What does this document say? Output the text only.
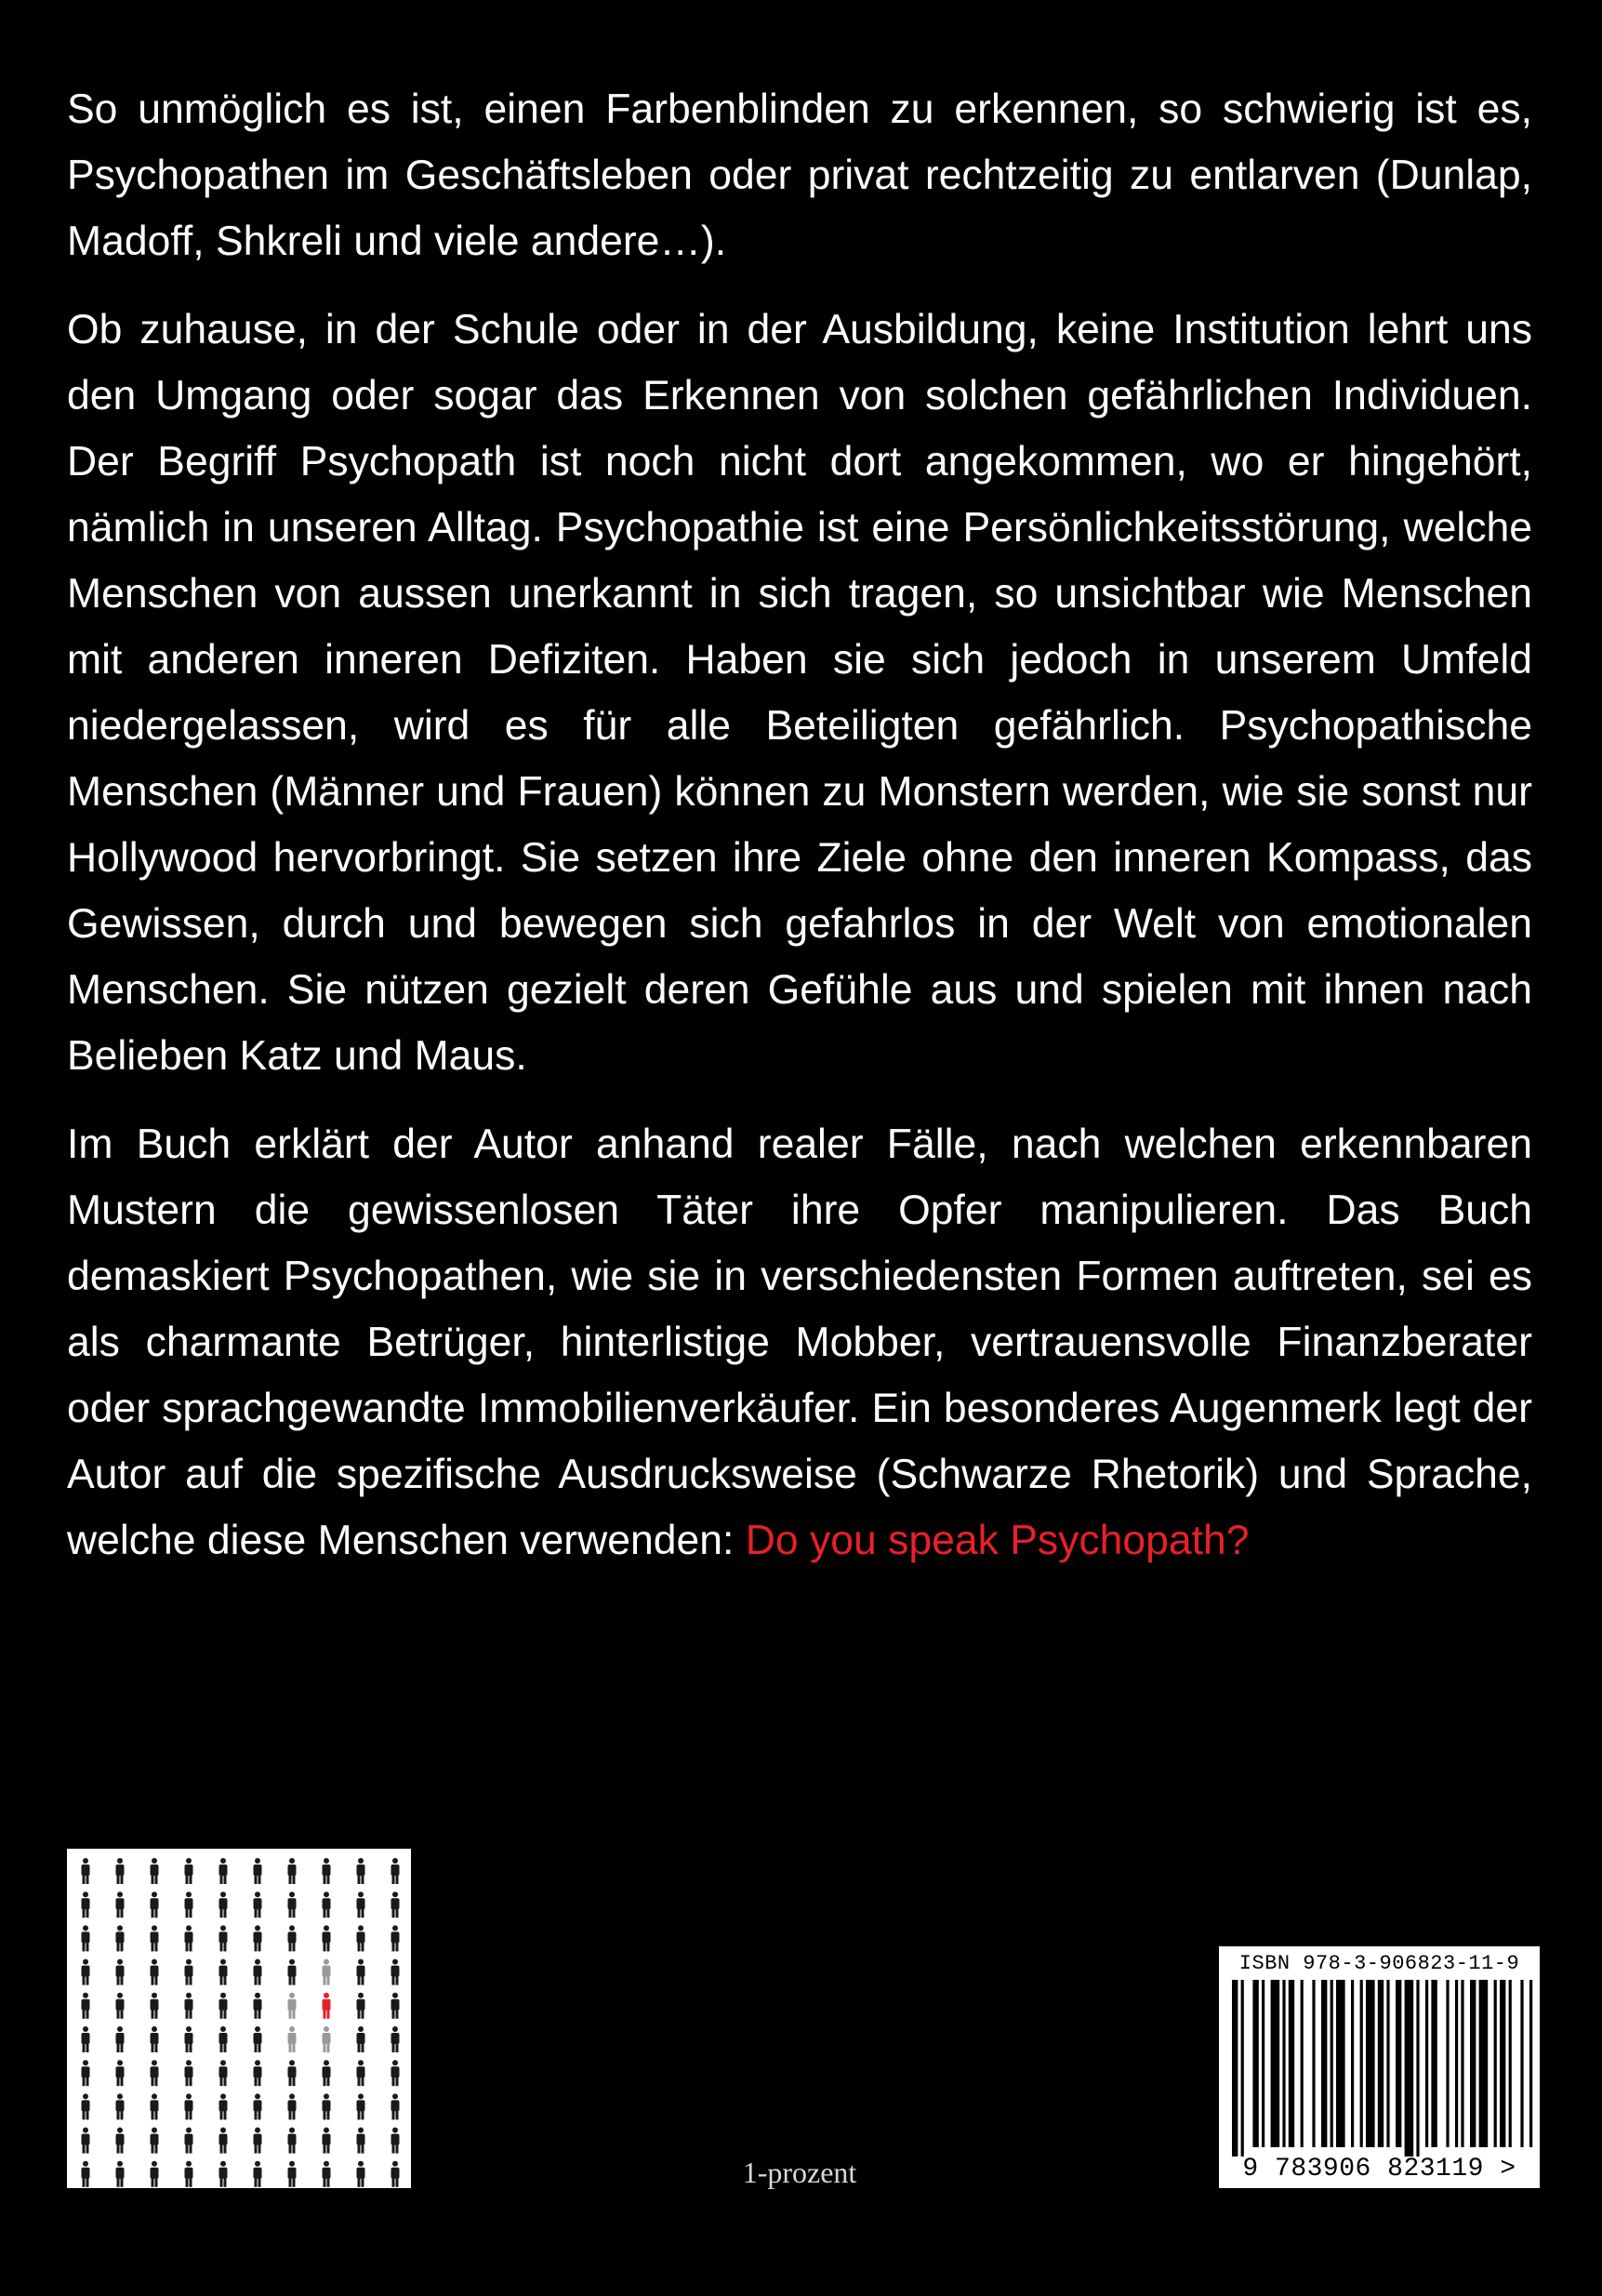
So unmöglich es ist, einen Farbenblinden zu erkennen, so schwierig ist es, Psychopathen im Geschäftsleben oder privat rechtzeitig zu entlarven (Dunlap, Madoff, Shkreli und viele andere…).

Ob zuhause, in der Schule oder in der Ausbildung, keine Institution lehrt uns den Umgang oder sogar das Erkennen von solchen gefährlichen Individuen. Der Begriff Psychopath ist noch nicht dort angekommen, wo er hingehört, nämlich in unseren Alltag. Psychopathie ist eine Persönlichkeitsstörung, welche Menschen von aussen unerkannt in sich tragen, so unsichtbar wie Menschen mit anderen inneren Defiziten. Haben sie sich jedoch in unserem Umfeld niedergelassen, wird es für alle Beteiligten gefährlich. Psychopathische Menschen (Männer und Frauen) können zu Monstern werden, wie sie sonst nur Hollywood hervorbringt. Sie setzen ihre Ziele ohne den inneren Kompass, das Gewissen, durch und bewegen sich gefahrlos in der Welt von emotionalen Menschen. Sie nützen gezielt deren Gefühle aus und spielen mit ihnen nach Belieben Katz und Maus.

Im Buch erklärt der Autor anhand realer Fälle, nach welchen erkennbaren Mustern die gewissenlosen Täter ihre Opfer manipulieren. Das Buch demaskiert Psychopathen, wie sie in verschiedensten Formen auftreten, sei es als charmante Betrüger, hinterlistige Mobber, vertrauensvolle Finanzberater oder sprachgewandte Immobilienverkäufer. Ein besonderes Augenmerk legt der Autor auf die spezifische Ausdrucksweise (Schwarze Rhetorik) und Sprache, welche diese Menschen verwenden: Do you speak Psychopath?

1-prozent
ISBN 978-3-906823-11-9
9 783906 823119 >
